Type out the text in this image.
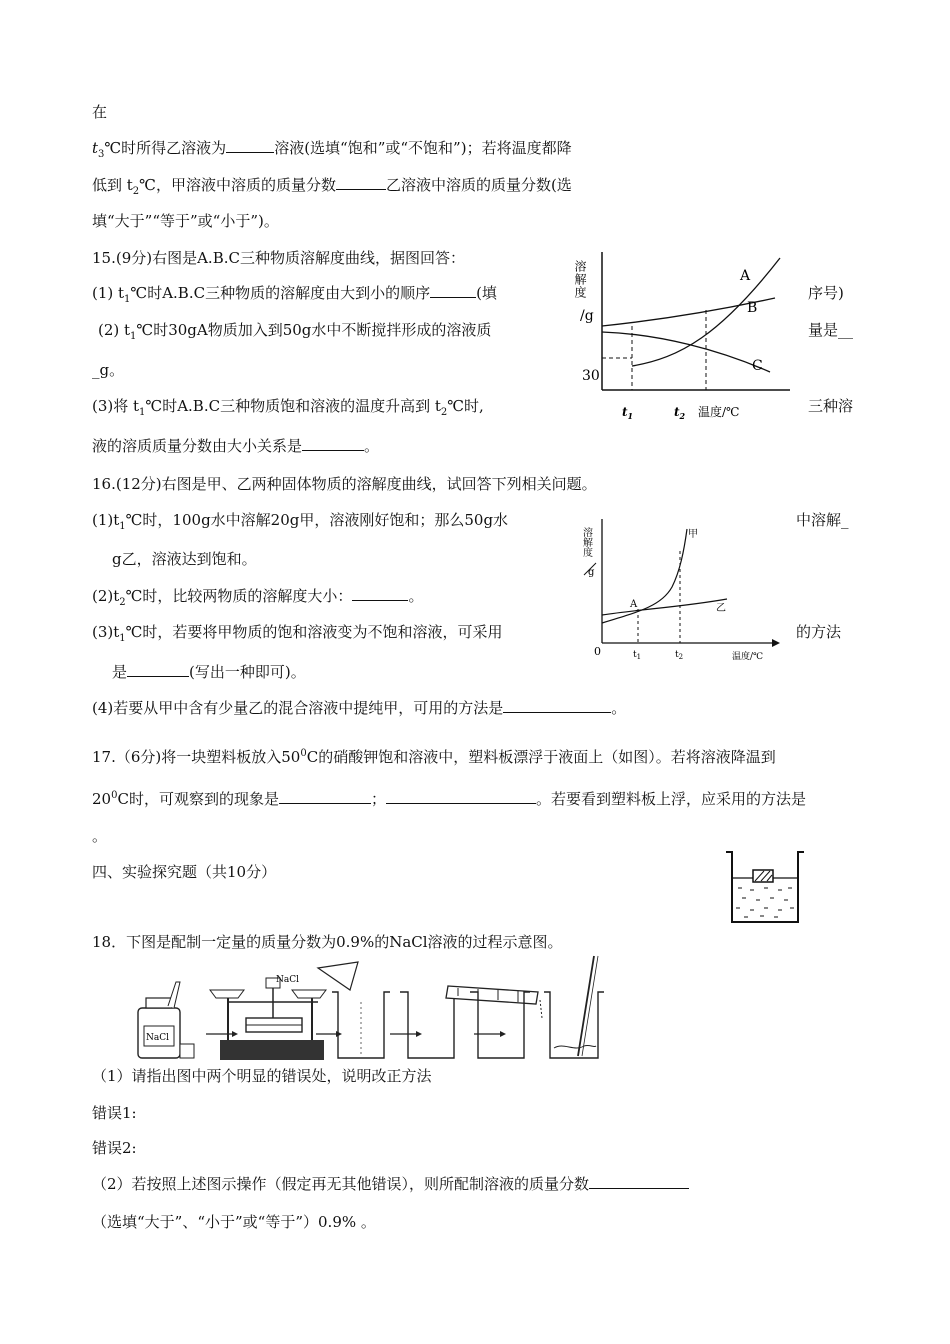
在
$t_3℃$时所得乙溶液为	溶液(选填“饱和”或“不饱和”)；若将温度都降
低到 $t_2℃$，甲溶液中溶质的质量分数	乙溶液中溶质的质量分数(选
填“大于”“等于”或“小于”)。
15.(9分)右图是A.B.C三种物质溶解度曲线，据图回答：
(1) $t_1℃$时A.B.C三种物质的溶解度由大到小的顺序	(填	序号)
(2) $t_1℃$时30gA物质加入到50g水中不断搅拌形成的溶液质	量是__
_g。
(3)将 $t_1℃$时A.B.C三种物质饱和溶液的温度升高到 $t_2℃$时,	三种溶
液的溶质质量分数由大小关系是	。
溶解度
/g
30
A
B
C
$t_1$	$t_2$ 温度/℃
16.(12分)右图是甲、乙两种固体物质的溶解度曲线，试回答下列相关问题。
$(1)t_1℃$时，100g水中溶解20g甲，溶液刚好饱和；那么50g水	中溶解_
g乙，溶液达到饱和。
$(2)t_2℃$时，比较两物质的溶解度大小：	。
$(3)t_1℃$时，若要将甲物质的饱和溶液变为不饱和溶液，可采用	的方法
是	(写出一种即可)。
(4)若要从甲中含有少量乙的混合溶液中提纯甲，可用的方法是	。
溶解度
g
0
A
甲
乙
$t_1$	$t_2$	温度/℃
17.（6分)将一块塑料板放入$50^0C$的硝酸钾饱和溶液中，塑料板漂浮于液面上（如图）。若将溶液降温到
$20^0C$时，可观察到的现象是	；	。若要看到塑料板上浮，应采用的方法是
。
四、实验探究题（共10分）
18．下图是配制一定量的质量分数为0.9%的NaCl溶液的过程示意图。
NaCl
NaCl
（1）请指出图中两个明显的错误处，说明改正方法
错误1:
错误2:
（2）若按照上述图示操作（假定再无其他错误），则所配制溶液的质量分数
（选填“大于”、“小于”或“等于”）0.9% 。
